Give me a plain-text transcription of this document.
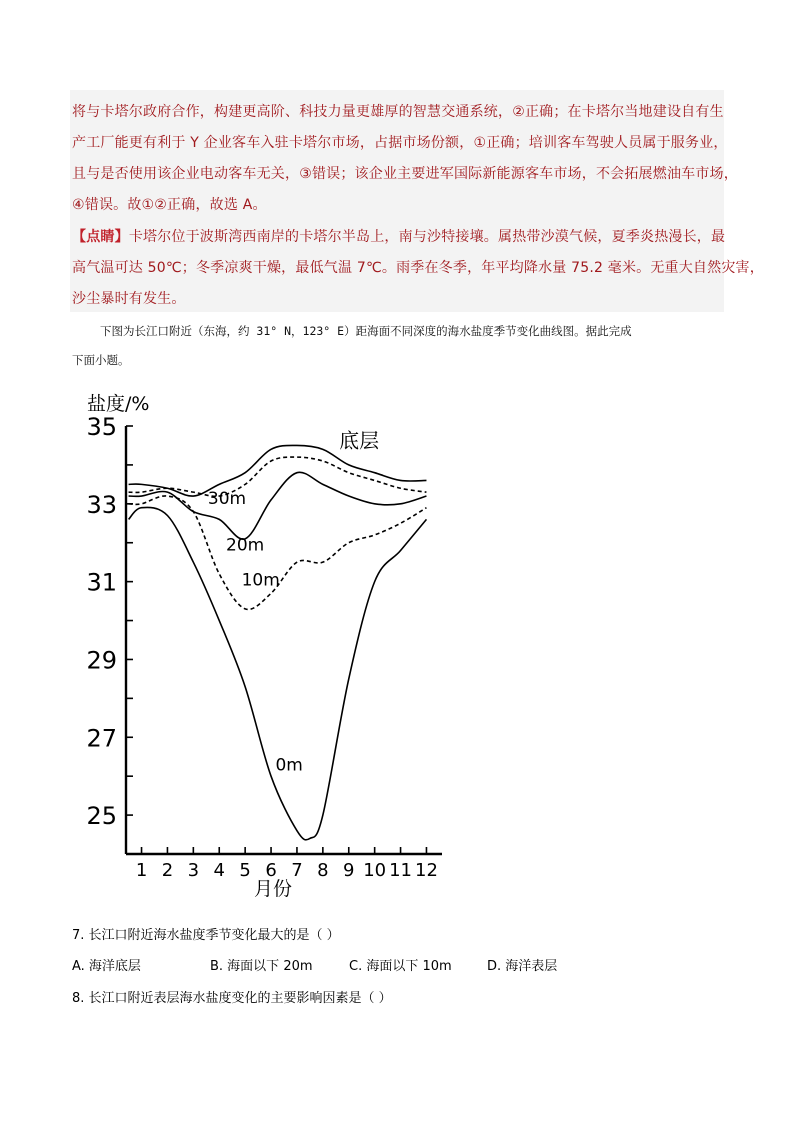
将与卡塔尔政府合作，构建更高阶、科技力量更雄厚的智慧交通系统，②正确；在卡塔尔当地建设自有生
产工厂能更有利于 Y 企业客车入驻卡塔尔市场，占据市场份额，①正确；培训客车驾驶人员属于服务业，
且与是否使用该企业电动客车无关，③错误；该企业主要进军国际新能源客车市场，不会拓展燃油车市场，
④错误。故①②正确，故选 A。
【点睛】卡塔尔位于波斯湾西南岸的卡塔尔半岛上，南与沙特接壤。属热带沙漠气候，夏季炎热漫长，最
高气温可达 50℃；冬季凉爽干燥，最低气温 7℃。雨季在冬季，年平均降水量 75.2 毫米。无重大自然灾害，
沙尘暴时有发生。
下图为长江口附近（东海，约 31° N，123° E）距海面不同深度的海水盐度季节变化曲线图。据此完成
下面小题。
盐度/%
月份
25
27
29
31
33
35
1 2 3 4 5 6 7 8 9 10 11 12
底层
30m
20m
10m
0m
7. 长江口附近海水盐度季节变化最大的是（ ）
A. 海洋底层	B. 海面以下 20m	C. 海面以下 10m	D. 海洋表层
8. 长江口附近表层海水盐度变化的主要影响因素是（ ）
